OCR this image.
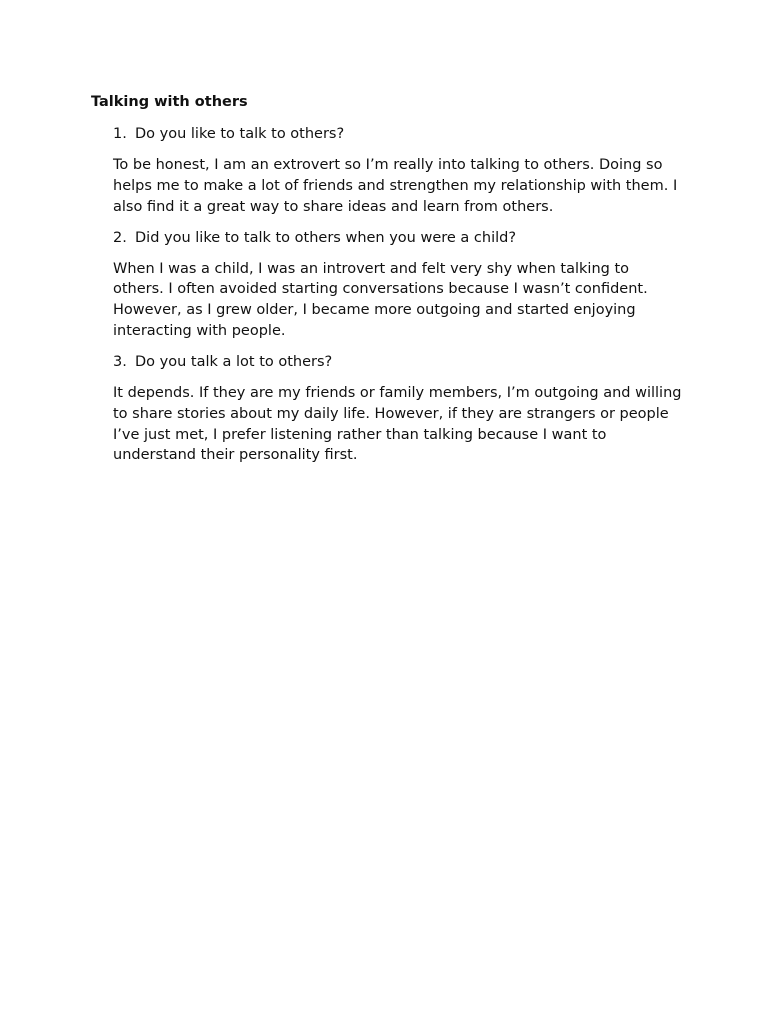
Talking with others
1. Do you like to talk to others?

To be honest, I am an extrovert so I’m really into talking to others. Doing so helps me to make a lot of friends and strengthen my relationship with them. I also find it a great way to share ideas and learn from others.

2. Did you like to talk to others when you were a child?

When I was a child, I was an introvert and felt very shy when talking to others. I often avoided starting conversations because I wasn’t confident. However, as I grew older, I became more outgoing and started enjoying interacting with people.

3. Do you talk a lot to others?

It depends. If they are my friends or family members, I’m outgoing and willing to share stories about my daily life. However, if they are strangers or people I’ve just met, I prefer listening rather than talking because I want to understand their personality first.
